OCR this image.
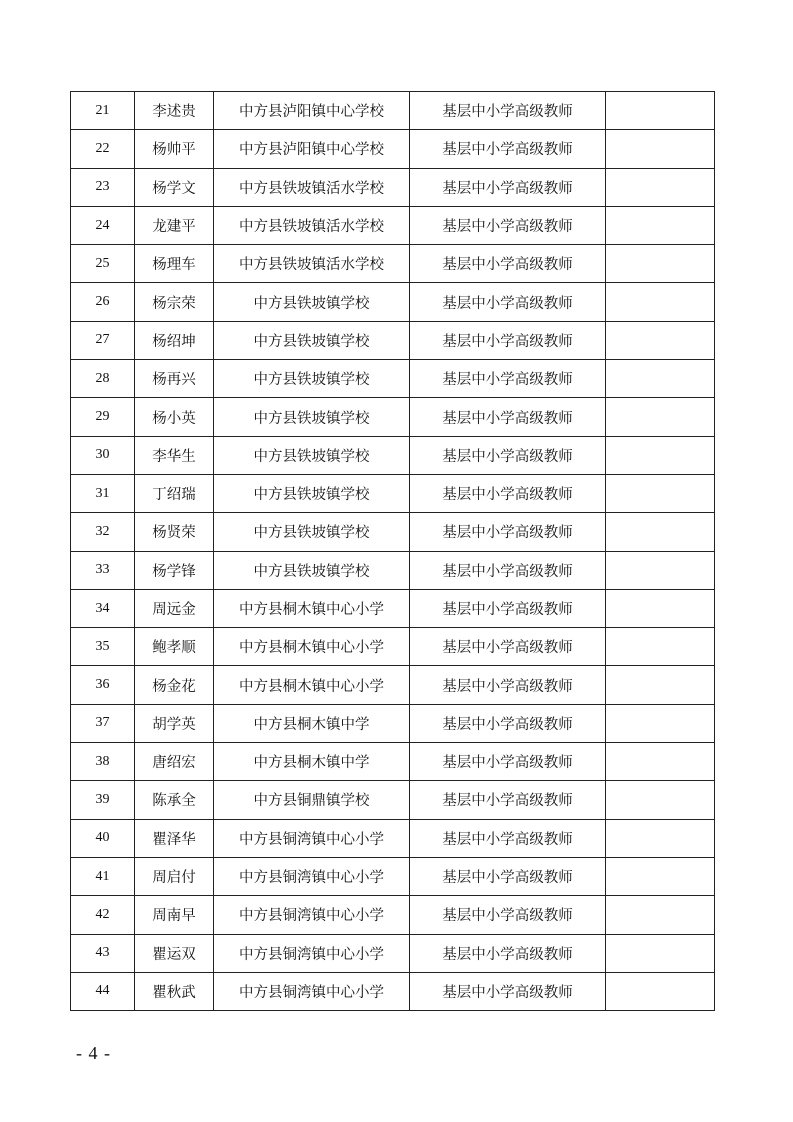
21	李述贵	中方县泸阳镇中心学校	基层中小学高级教师	
22	杨帅平	中方县泸阳镇中心学校	基层中小学高级教师	
23	杨学文	中方县铁坡镇活水学校	基层中小学高级教师	
24	龙建平	中方县铁坡镇活水学校	基层中小学高级教师	
25	杨理车	中方县铁坡镇活水学校	基层中小学高级教师	
26	杨宗荣	中方县铁坡镇学校	基层中小学高级教师	
27	杨绍坤	中方县铁坡镇学校	基层中小学高级教师	
28	杨再兴	中方县铁坡镇学校	基层中小学高级教师	
29	杨小英	中方县铁坡镇学校	基层中小学高级教师	
30	李华生	中方县铁坡镇学校	基层中小学高级教师	
31	丁绍瑞	中方县铁坡镇学校	基层中小学高级教师	
32	杨贤荣	中方县铁坡镇学校	基层中小学高级教师	
33	杨学锋	中方县铁坡镇学校	基层中小学高级教师	
34	周远金	中方县桐木镇中心小学	基层中小学高级教师	
35	鲍孝顺	中方县桐木镇中心小学	基层中小学高级教师	
36	杨金花	中方县桐木镇中心小学	基层中小学高级教师	
37	胡学英	中方县桐木镇中学	基层中小学高级教师	
38	唐绍宏	中方县桐木镇中学	基层中小学高级教师	
39	陈承全	中方县铜鼎镇学校	基层中小学高级教师	
40	瞿泽华	中方县铜湾镇中心小学	基层中小学高级教师	
41	周启付	中方县铜湾镇中心小学	基层中小学高级教师	
42	周南早	中方县铜湾镇中心小学	基层中小学高级教师	
43	瞿运双	中方县铜湾镇中心小学	基层中小学高级教师	
44	瞿秋武	中方县铜湾镇中心小学	基层中小学高级教师	
- 4 -
